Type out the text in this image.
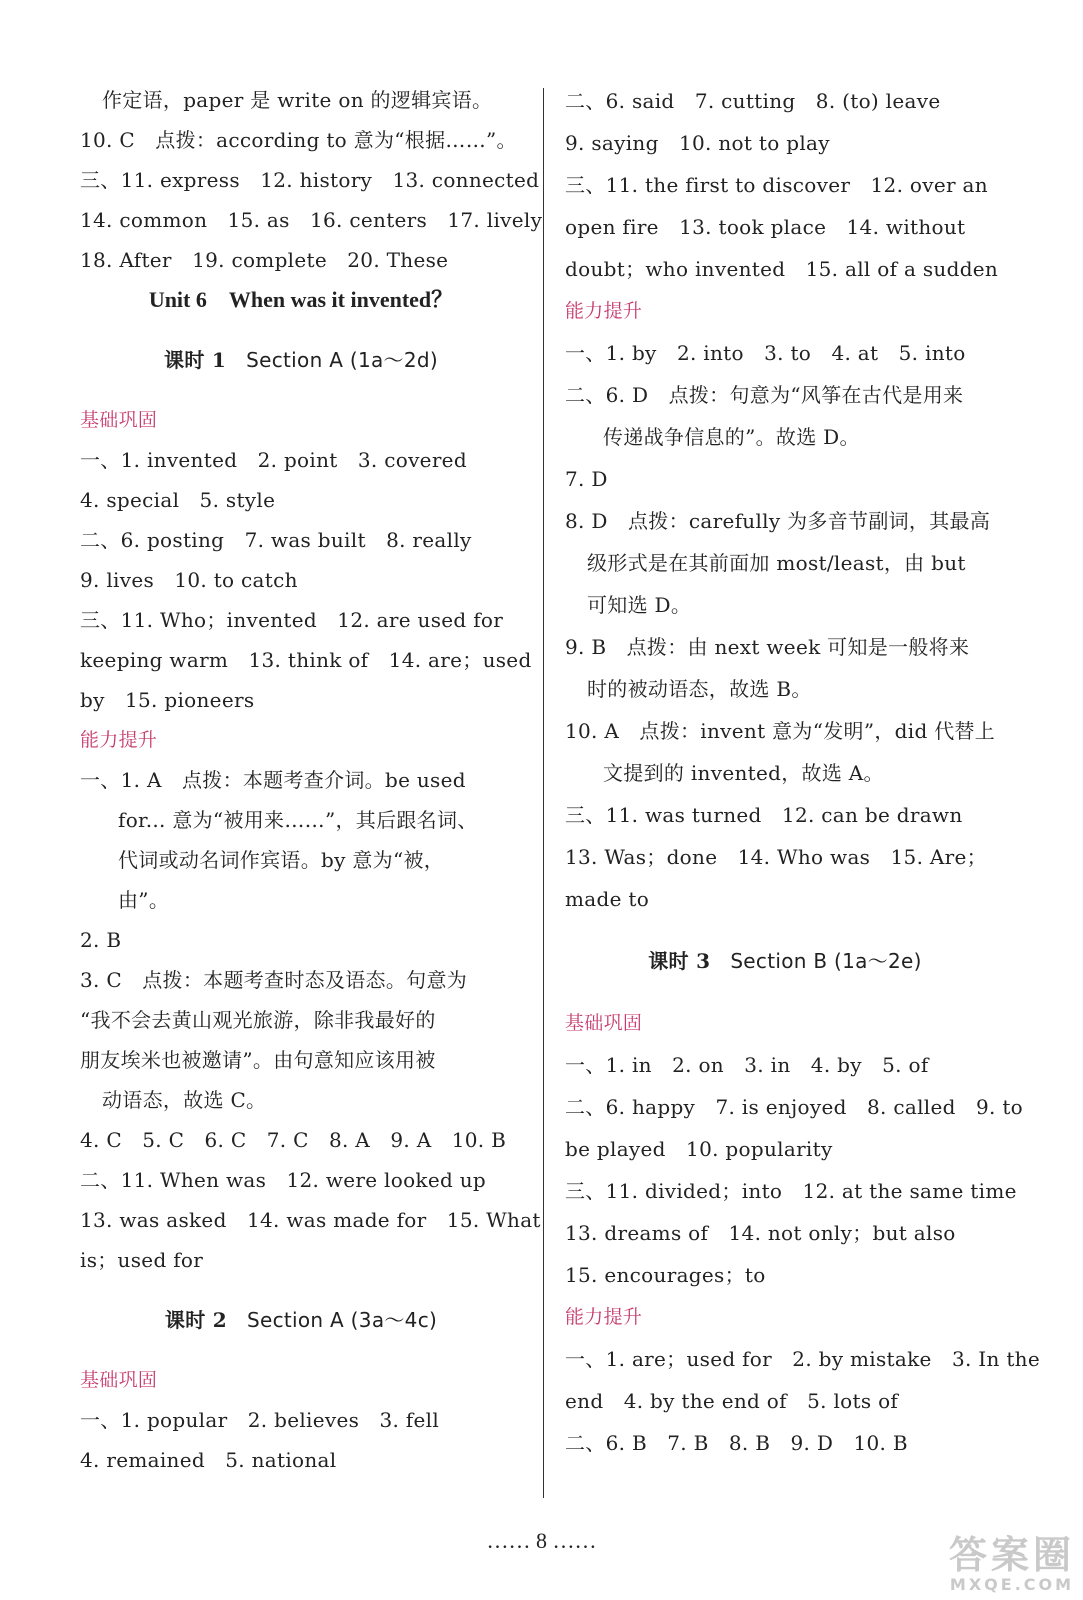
作定语，paper 是 write on 的逻辑宾语。
10. C　点拨：according to 意为“根据……”。
三、11. express　12. history　13. connected
14. common　15. as　16. centers　17. lively
18. After　19. complete　20. These
Unit 6　When was it invented？
课时 1 Section A (1a～2d)
基础巩固
一、1. invented　2. point　3. covered
4. special　5. style
二、6. posting　7. was built　8. really
9. lives　10. to catch
三、11. Who；invented　12. are used for
keeping warm　13. think of　14. are；used
by　15. pioneers
能力提升
一、1. A　点拨：本题考查介词。be used
for... 意为“被用来……”，其后跟名词、
代词或动名词作宾语。by 意为“被，
由”。
2. B
3. C　点拨：本题考查时态及语态。句意为
“我不会去黄山观光旅游，除非我最好的
朋友埃米也被邀请”。由句意知应该用被
动语态，故选 C。
4. C　5. C　6. C　7. C　8. A　9. A　10. B
二、11. When was　12. were looked up
13. was asked　14. was made for　15. What
is；used for
课时 2 Section A (3a～4c)
基础巩固
一、1. popular　2. believes　3. fell
4. remained　5. national
二、6. said　7. cutting　8. (to) leave
9. saying　10. not to play
三、11. the first to discover　12. over an
open fire　13. took place　14. without
doubt；who invented　15. all of a sudden
能力提升
一、1. by　2. into　3. to　4. at　5. into
二、6. D　点拨：句意为“风筝在古代是用来
传递战争信息的”。故选 D。
7. D
8. D　点拨：carefully 为多音节副词，其最高
级形式是在其前面加 most/least，由 but
可知选 D。
9. B　点拨：由 next week 可知是一般将来
时的被动语态，故选 B。
10. A　点拨：invent 意为“发明”，did 代替上
文提到的 invented，故选 A。
三、11. was turned　12. can be drawn
13. Was；done　14. Who was　15. Are；
made to
课时 3 Section B (1a～2e)
基础巩固
一、1. in　2. on　3. in　4. by　5. of
二、6. happy　7. is enjoyed　8. called　9. to
be played　10. popularity
三、11. divided；into　12. at the same time
13. dreams of　14. not only；but also
15. encourages；to
能力提升
一、1. are；used for　2. by mistake　3. In the
end　4. by the end of　5. lots of
二、6. B　7. B　8. B　9. D　10. B
…… 8 ……	答案圈
MXQE.COM
